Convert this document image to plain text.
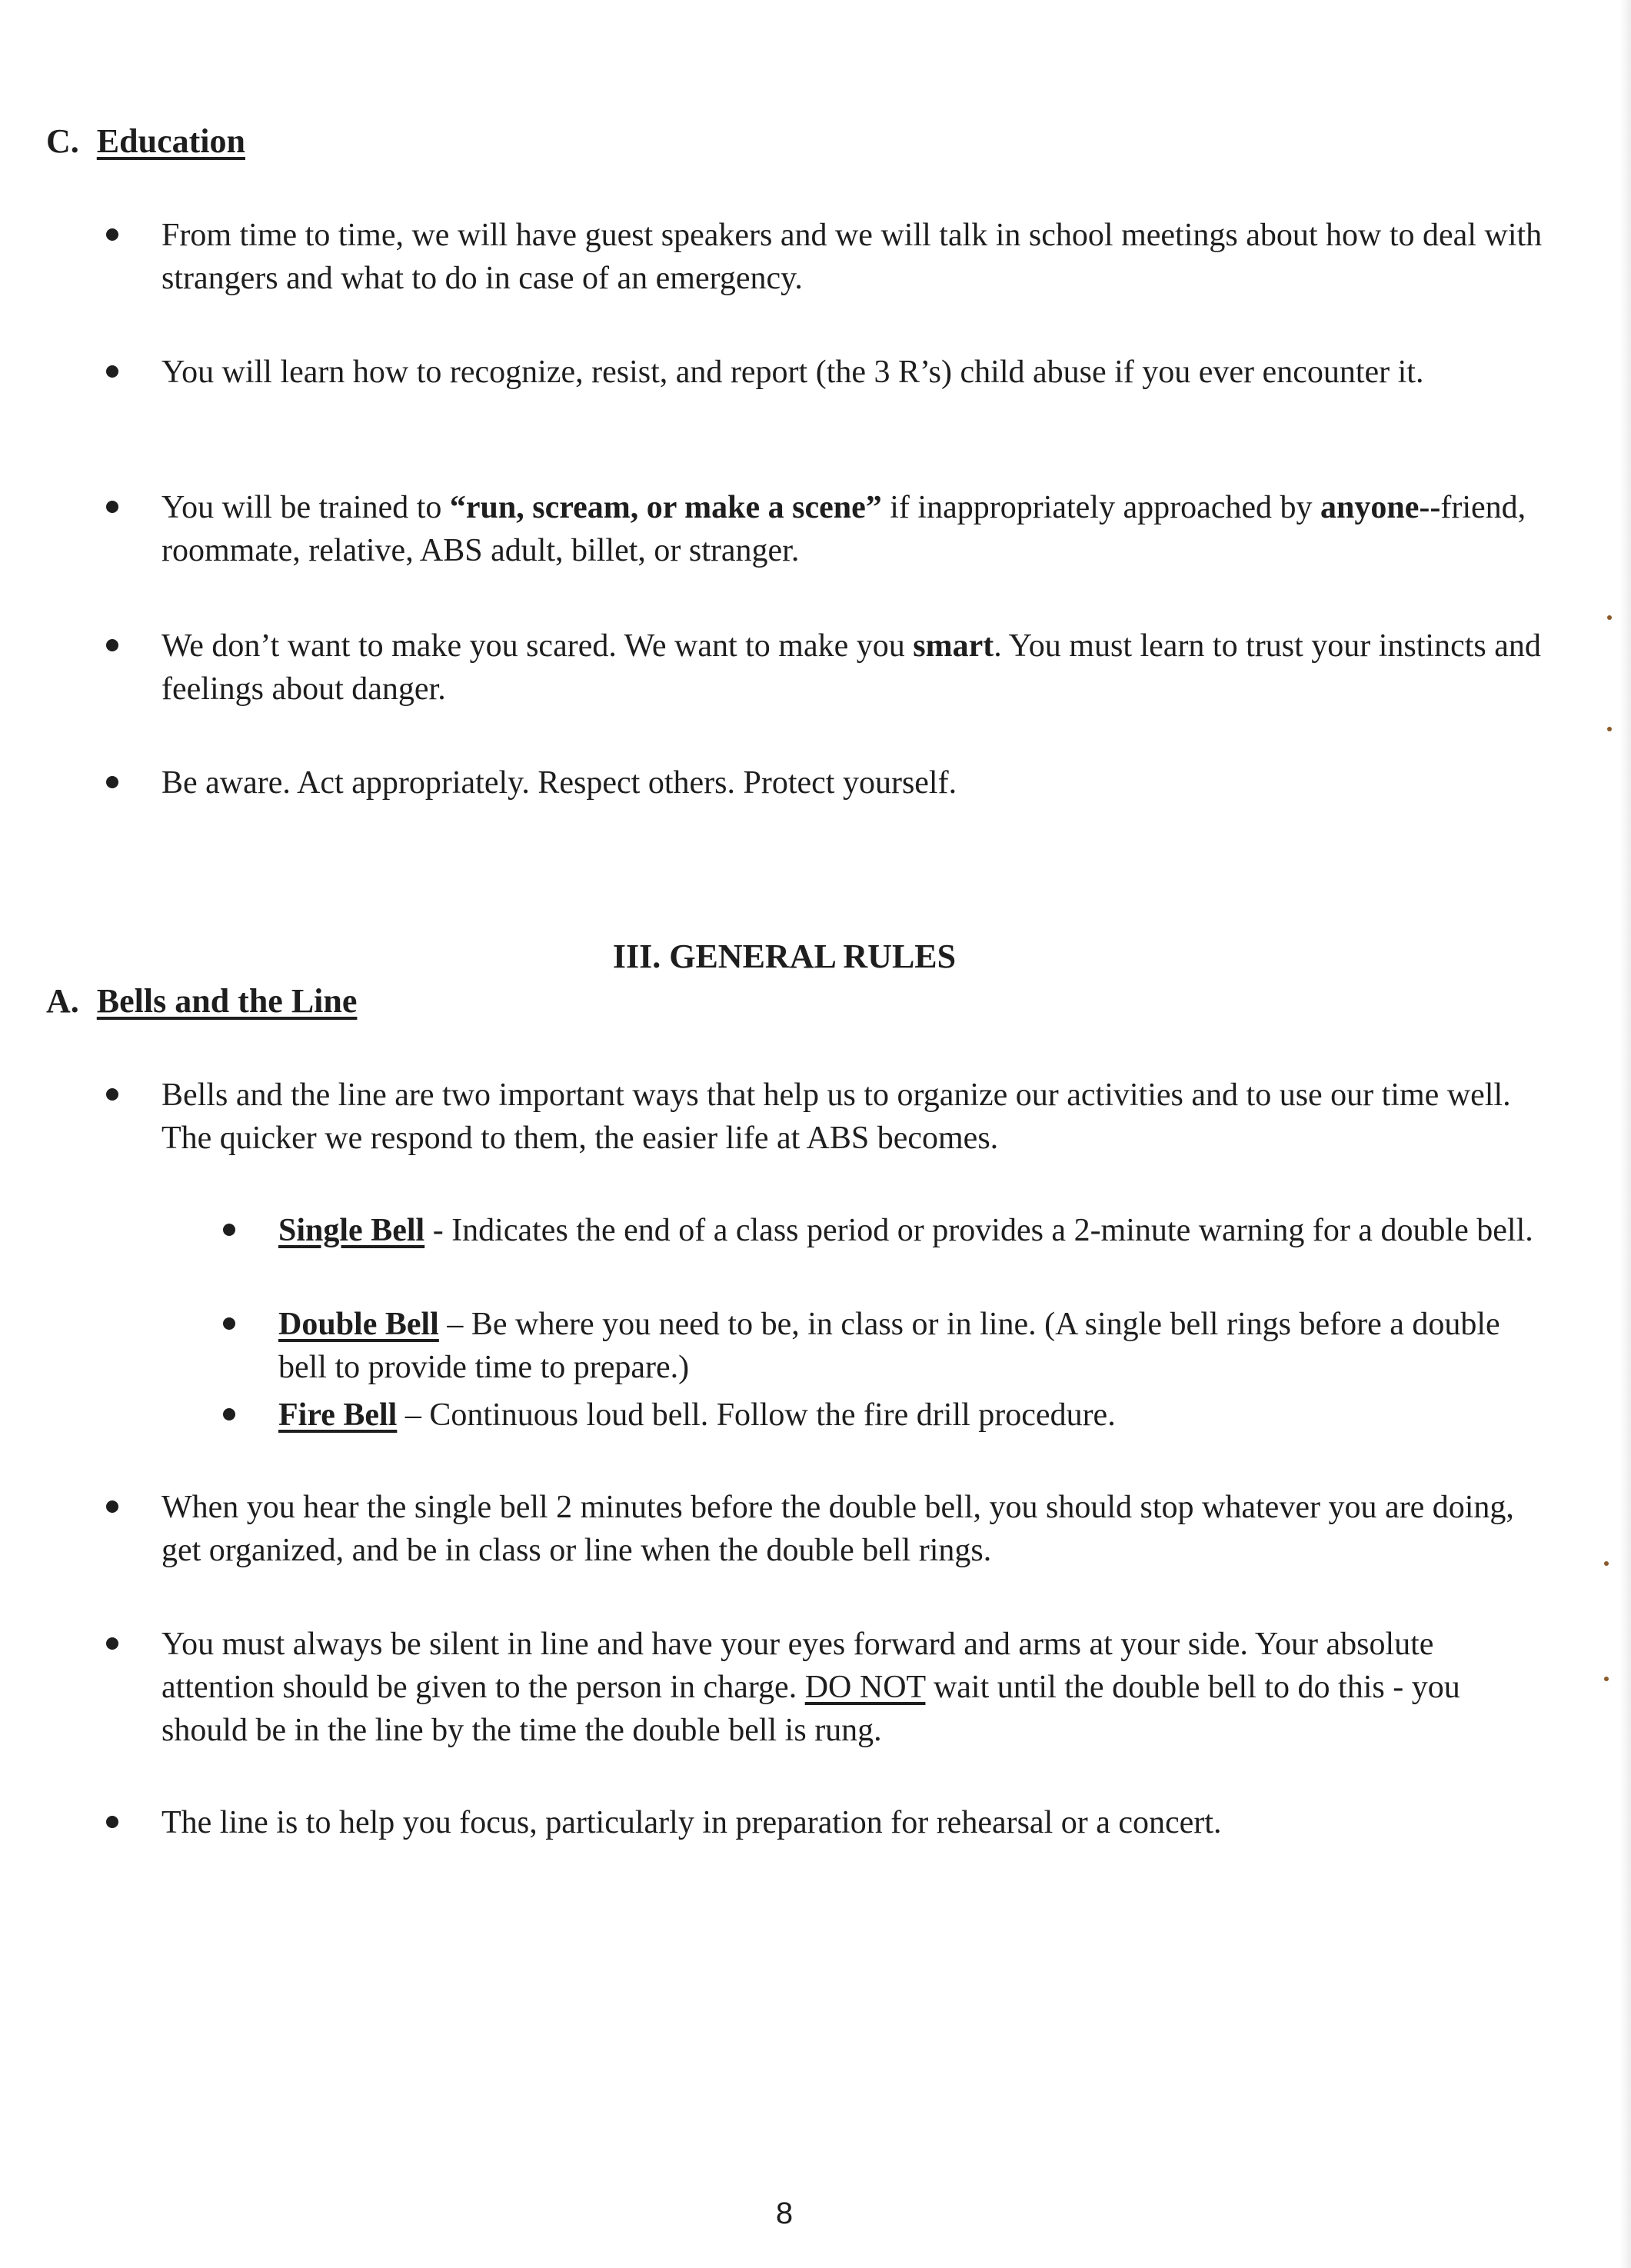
C. Education

From time to time, we will have guest speakers and we will talk in school meetings about how to deal with strangers and what to do in case of an emergency.

You will learn how to recognize, resist, and report (the 3 R’s) child abuse if you ever encounter it.

You will be trained to “run, scream, or make a scene” if inappropriately approached by anyone--friend, roommate, relative, ABS adult, billet, or stranger.

We don’t want to make you scared. We want to make you smart. You must learn to trust your instincts and feelings about danger.

Be aware. Act appropriately. Respect others. Protect yourself.

III. GENERAL RULES
A. Bells and the Line

Bells and the line are two important ways that help us to organize our activities and to use our time well. The quicker we respond to them, the easier life at ABS becomes.

Single Bell - Indicates the end of a class period or provides a 2-minute warning for a double bell.

Double Bell – Be where you need to be, in class or in line. (A single bell rings before a double bell to provide time to prepare.)

Fire Bell – Continuous loud bell. Follow the fire drill procedure.

When you hear the single bell 2 minutes before the double bell, you should stop whatever you are doing, get organized, and be in class or line when the double bell rings.

You must always be silent in line and have your eyes forward and arms at your side. Your absolute attention should be given to the person in charge. DO NOT wait until the double bell to do this - you should be in the line by the time the double bell is rung.

The line is to help you focus, particularly in preparation for rehearsal or a concert.

8
